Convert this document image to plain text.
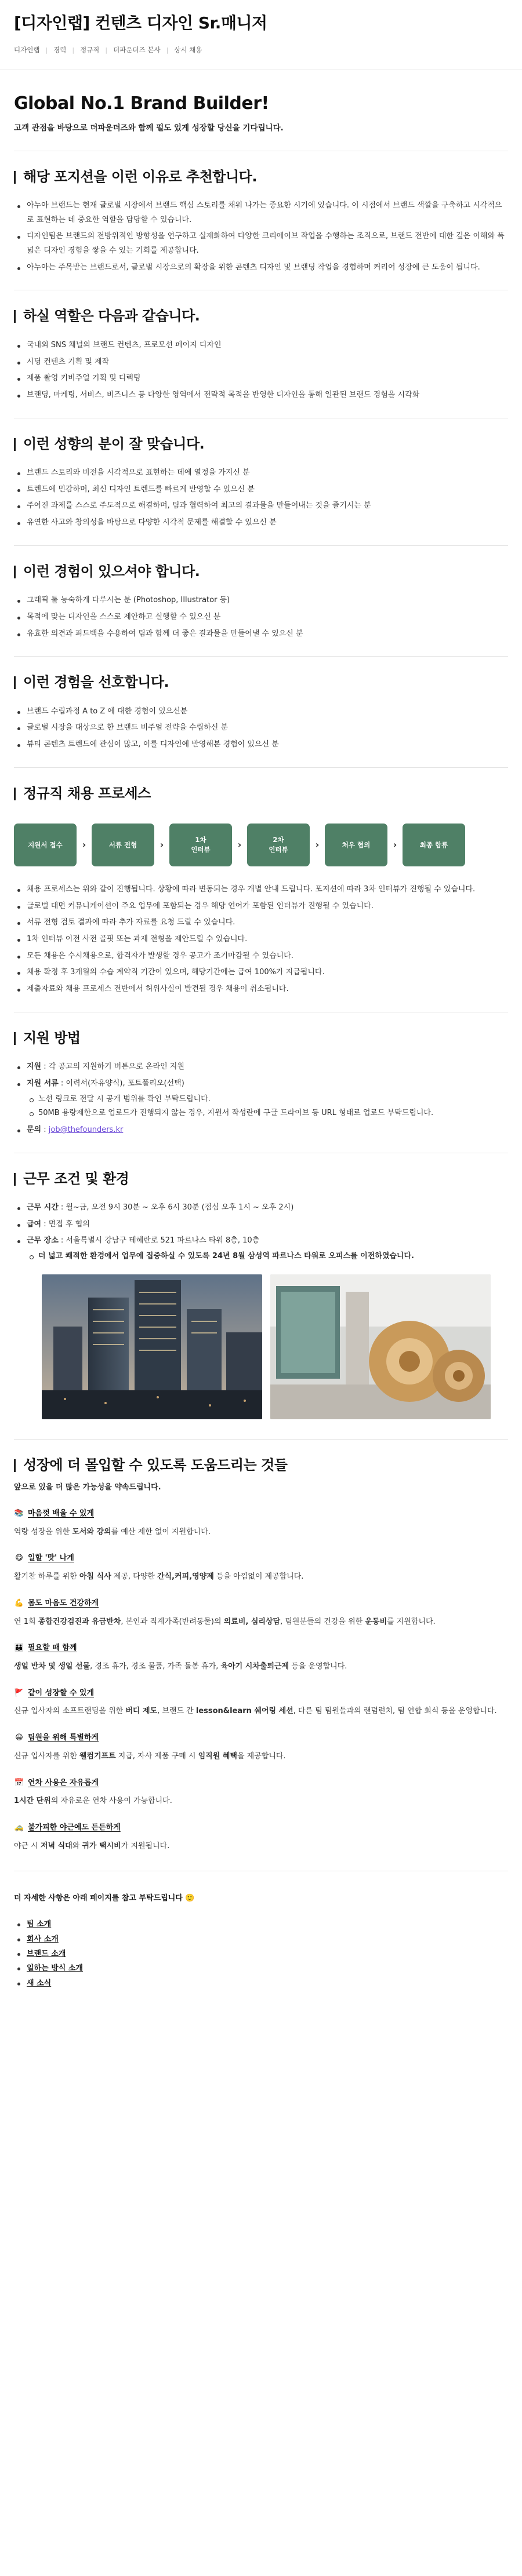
[디자인랩] 컨텐츠 디자인 Sr.매니저
디자인랩 | 경력 | 정규직 | 더파운더즈 본사 | 상시 채용
Global No.1 Brand Builder!
고객 관점을 바탕으로 더파운더즈와 함께 펄도 있게 성장할 당신을 기다립니다.
해당 포지션을 이런 이유로 추천합니다.
아누아 브랜드는 현재 글로벌 시장에서 브랜드 핵심 스토리를 채워 나가는 중요한 시기에 있습니다. 이 시점에서 브랜드 색깔을 구축하고 시각적으로 표현하는 데 중요한 역할을 담당할 수 있습니다.
디자인팀은 브랜드의 전방위적인 방향성을 연구하고 실제화하여 다양한 크리에이브 작업을 수행하는 조직으로, 브랜드 전반에 대한 깊은 이해와 폭넓은 디자인 경험을 쌓을 수 있는 기회를 제공합니다.
아누아는 주목받는 브랜드로서, 글로벌 시장으로의 확장을 위한 콘텐츠 디자인 및 브랜딩 작업을 경험하며 커리어 성장에 큰 도움이 됩니다.
하실 역할은 다음과 같습니다.
국내외 SNS 채널의 브랜드 컨텐츠, 프로모션 페이지 디자인
시딩 컨텐츠 기획 및 제작
제품 촬영 키비주얼 기획 및 디렉팅
브랜딩, 마케팅, 서비스, 비즈니스 등 다양한 영역에서 전략적 목적을 반영한 디자인을 통해 일관된 브랜드 경험을 시각화
이런 성향의 분이 잘 맞습니다.
브랜드 스토리와 비전을 시각적으로 표현하는 데에 열정을 가지신 분
트렌드에 민감하며, 최신 디자인 트렌드를 빠르게 반영할 수 있으신 분
주어진 과제를 스스로 주도적으로 해결하며, 팀과 협력하여 최고의 결과물을 만들어내는 것을 즐기시는 분
유연한 사고와 창의성을 바탕으로 다양한 시각적 문제를 해결할 수 있으신 분
이런 경험이 있으셔야 합니다.
그래픽 툴 능숙하게 다루시는 분 (Photoshop, Illustrator 등)
목적에 맞는 디자인을 스스로 제안하고 실행할 수 있으신 분
유효한 의견과 피드백을 수용하여 팀과 함께 더 좋은 결과물을 만들어낼 수 있으신 분
이런 경험을 선호합니다.
브랜드 수립과정 A to Z 에 대한 경험이 있으신분
글로벌 시장을 대상으로 한 브랜드 비주얼 전략을 수립하신 분
뷰티 콘텐츠 트렌드에 관심이 많고, 이를 디자인에 반영해본 경험이 있으신 분
정규직 채용 프로세스
지원서 접수	›	서류 전형	›	1차
인터뷰	›	2차
인터뷰	›	처우 협의	›	최종 합류
채용 프로세스는 위와 같이 진행됩니다. 상황에 따라 변동되는 경우 개별 안내 드립니다. 포지션에 따라 3차 인터뷰가 진행될 수 있습니다.
글로벌 대면 커뮤니케이션이 주요 업무에 포함되는 경우 해당 언어가 포함된 인터뷰가 진행될 수 있습니다.
서류 전형 검토 결과에 따라 추가 자료를 요청 드릴 수 있습니다.
1차 인터뷰 이전 사전 골핏 또는 과제 전형을 제안드릴 수 있습니다.
모든 채용은 수시채용으로, 합격자가 발생할 경우 공고가 조기마감될 수 있습니다.
채용 확정 후 3개월의 수습 계약직 기간이 있으며, 해당기간에는 급여 100%가 지급됩니다.
제출자료와 채용 프로세스 전반에서 허위사실이 발견될 경우 채용이 취소됩니다.
지원 방법
지원 : 각 공고의 지원하기 버튼으로 온라인 지원
지원 서류 : 이력서(자유양식), 포트폴리오(선택)
노션 링크로 전달 시 공개 범위를 확인 부탁드립니다.
50MB 용량제한으로 업로드가 진행되지 않는 경우, 지원서 작성란에 구글 드라이브 등 URL 형태로 업로드 부탁드립니다.
문의 : job@thefounders.kr
근무 조건 및 환경
근무 시간 : 월~금, 오전 9시 30분 ~ 오후 6시 30분 (점심 오후 1시 ~ 오후 2시)
급여 : 면접 후 협의
근무 장소 : 서울특별시 강남구 테헤란로 521 파르나스 타워 8층, 10층
더 넓고 쾌적한 환경에서 업무에 집중하실 수 있도록 24년 8월 삼성역 파르나스 타워로 오피스를 이전하였습니다.
성장에 더 몰입할 수 있도록 도움드리는 것들
앞으로 있을 더 많은 가능성을 약속드립니다.
📚 마음껏 배울 수 있게
역량 성장을 위한 도서와 강의를 예산 제한 없이 지원합니다.
😋 일할 '맛' 나게
활기찬 하루를 위한 아침 식사 제공, 다양한 간식,커피,영양제 등을 아낌없이 제공합니다.
💪 몸도 마음도 건강하게
연 1회 종합건강검진과 유급반차, 본인과 직계가족(반려동물)의 의료비, 심리상담, 팀원분들의 건강을 위한 운동비를 지원합니다.
👪 필요할 때 함께
생일 반차 및 생일 선물, 경조 휴가, 경조 물품, 가족 돌봄 휴가, 육아기 시차출퇴근제 등을 운영합니다.
🚩 같이 성장할 수 있게
신규 입사자의 소프트랜딩을 위한 버디 제도, 브랜드 간 lesson&learn 쉐어링 세션, 다른 팀 팀원들과의 랜덤런치, 팀 연합 회식 등을 운영합니다.
😀 팀원을 위해 특별하게
신규 입사자를 위한 웰컴기프트 지급, 자사 제품 구매 시 임직원 혜택을 제공합니다.
📅 연차 사용은 자유롭게
1시간 단위의 자유로운 연차 사용이 가능합니다.
🚕 불가피한 야근에도 든든하게
야근 시 저녁 식대와 귀가 택시비가 지원됩니다.
더 자세한 사항은 아래 페이지를 참고 부탁드립니다 🙂
팀 소개
회사 소개
브랜드 소개
일하는 방식 소개
새 소식
